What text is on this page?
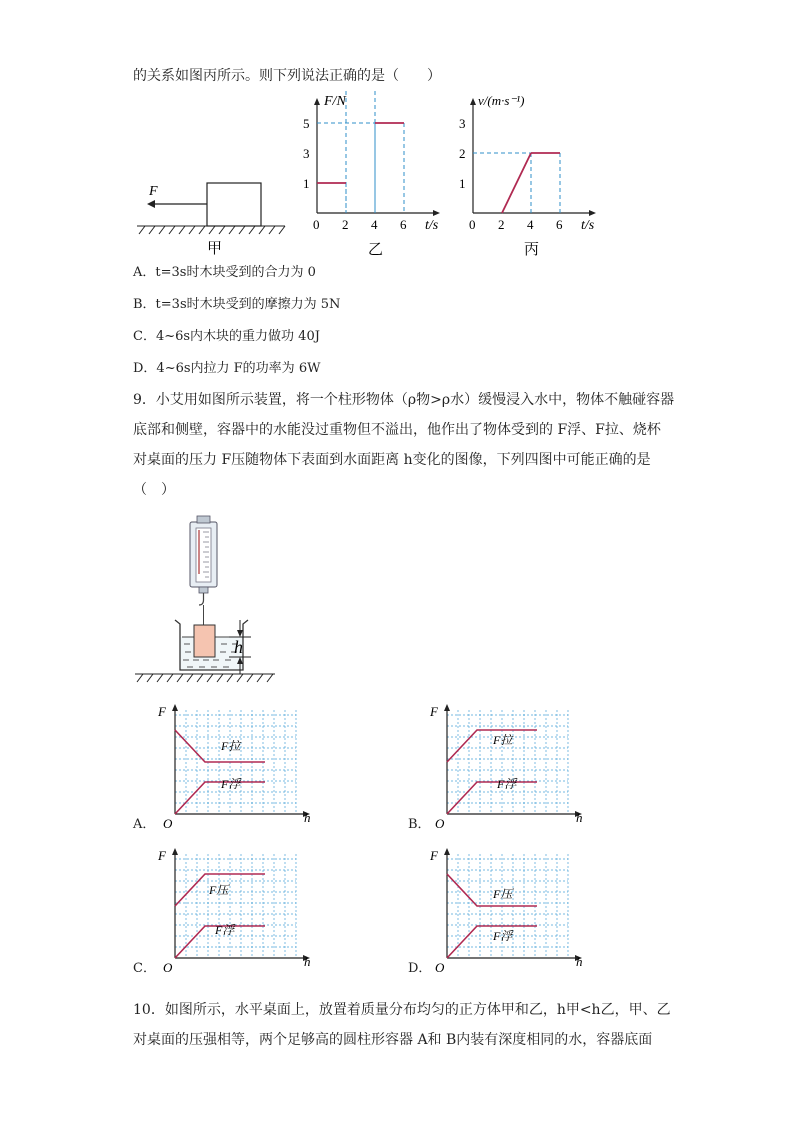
的关系如图丙所示。则下列说法正确的是（　　）
F
甲
F/N
t/s
0 2 4 6
1
3
5
乙
v/(m·s⁻¹)
t/s
0 2 4 6
1
2
3
丙
A．t=3s时木块受到的合力为 0
B．t=3s时木块受到的摩擦力为 5N
C．4~6s内木块的重力做功 40J
D．4~6s内拉力 F的功率为 6W
9．小艾用如图所示装置，将一个柱形物体（ρ物>ρ水）缓慢浸入水中，物体不触碰容器
底部和侧壁，容器中的水能没过重物但不溢出，他作出了物体受到的 F浮、F拉、烧杯
对桌面的压力 F压随物体下表面到水面距离 h变化的图像，下列四图中可能正确的是
（　）
h
F拉
F浮
F
h
O
F拉
F浮
F
h
O
F压
F浮
F
h
O
F压
F浮
F
h
O
A．	B．
C．	D．
10．如图所示，水平桌面上，放置着质量分布均匀的正方体甲和乙，h甲<h乙，甲、乙
对桌面的压强相等，两个足够高的圆柱形容器 A和 B内装有深度相同的水，容器底面
